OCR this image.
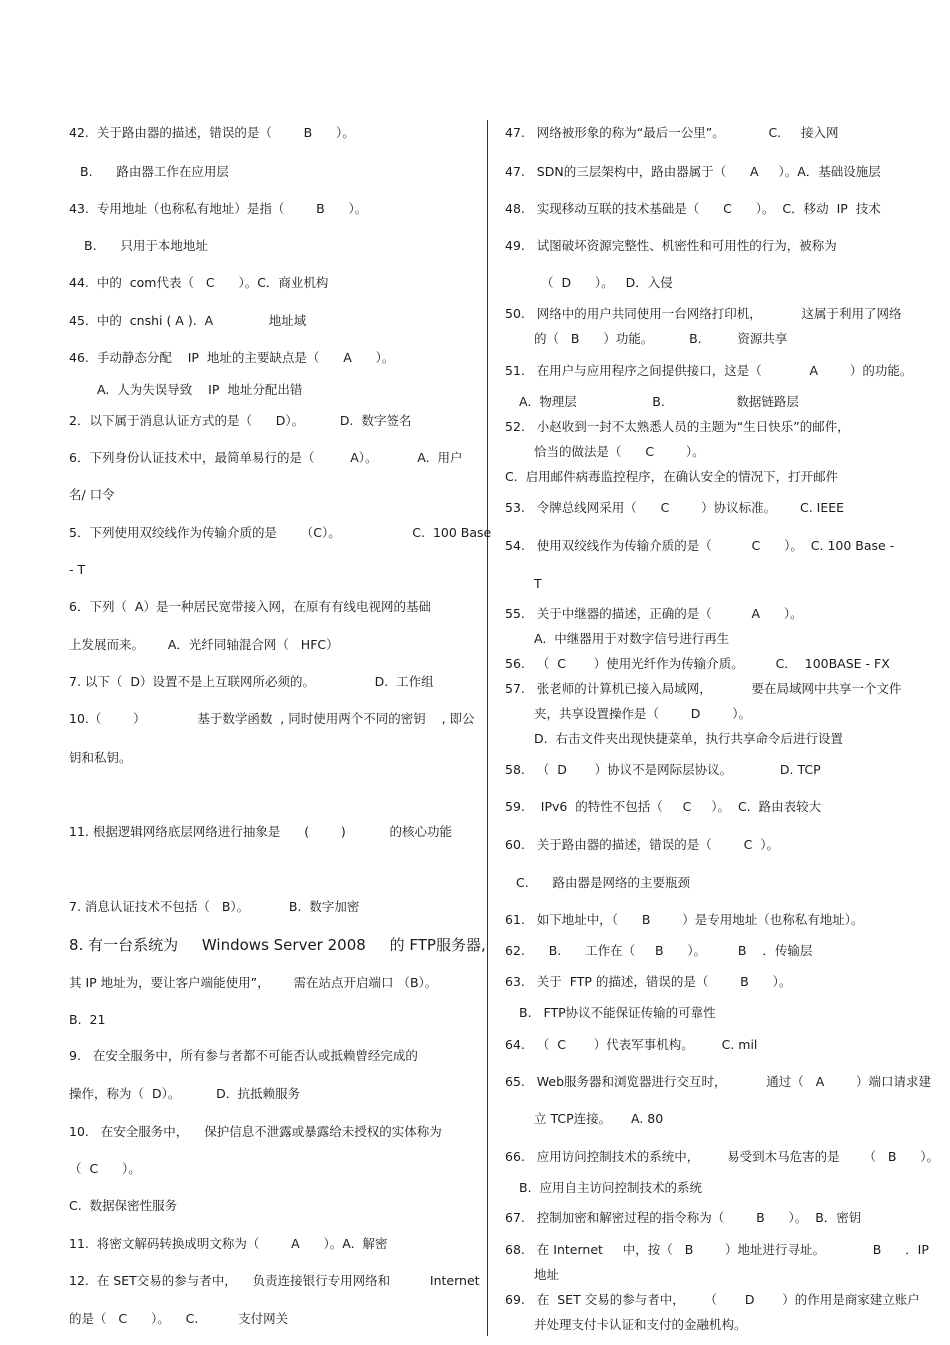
42.  关于路由器的描述，错误的是（        B      ）。
B.      路由器工作在应用层
43.  专用地址（也称私有地址）是指（        B      ）。
B.      只用于本地地址
44.  中的  com代表（   C      ）。C．商业机构
45.  中的  cnshi ( A ).  A              地址域
46.  手动静态分配    IP  地址的主要缺点是（      A      ）。
A.  人为失误导致    IP  地址分配出错
2．以下属于消息认证方式的是（      D）。         D.  数字签名
6．下列身份认证技术中，最简单易行的是（         A）。          A.  用户
名/ 口令
5．下列使用双绞线作为传输介质的是      （C）。                  C.  100 Base
- T
6．下列（  A）是一种居民宽带接入网，在原有有线电视网的基础
上发展而来。      A．光纤同轴混合网（   HFC）
7. 以下（  D）设置不是上互联网所必须的。               D.  工作组
10.（        ）             基于数学函数  , 同时使用两个不同的密钥    , 即公
钥和私钥。
11. 根据逻辑网络底层网络进行抽象是      (        )           的核心功能
7. 消息认证技术不包括（   B）。          B.  数字加密
8. 有一台系统为     Windows Server 2008     的 FTP服务器,
其 IP 地址为，要让客户端能使用”，      需在站点开启端口 （B）。
B.  21
9.   在安全服务中，所有参与者都不可能否认或抵赖曾经完成的
操作，称为（  D）。         D.  抗抵赖服务
10.   在安全服务中，    保护信息不泄露或暴露给未授权的实体称为
（  C      ）。
C.  数据保密性服务
11.  将密文解码转换成明文称为（        A      ）。A.  解密
12.  在 SET交易的参与者中，    负责连接银行专用网络和          Internet
的是（   C      ）。    C.          支付网关
47.   网络被形象的称为“最后一公里”。           C.     接入网
47.   SDN的三层架构中，路由器属于（      A     ）。A．基础设施层
48.   实现移动互联的技术基础是（      C      ）。  C．移动  IP  技术
49.   试图破坏资源完整性、机密性和可用性的行为，被称为
（  D      ）。   D．入侵
50.   网络中的用户共同使用一台网络打印机，          这属于利用了网络
的（   B      ）功能。         B.         资源共享
51.   在用户与应用程序之间提供接口，这是（            A        ）的功能。
A.  物理层                   B.                  数据链路层
52.   小赵收到一封不太熟悉人员的主题为“生日快乐”的邮件，
恰当的做法是（      C        ）。
C.  启用邮件病毒监控程序，在确认安全的情况下，打开邮件
53.   令牌总线网采用（      C        ）协议标准。      C. IEEE
54.   使用双绞线作为传输介质的是（          C      ）。  C. 100 Base -
T
55.   关于中继器的描述，正确的是（          A      ）。
A.  中继器用于对数字信号进行再生
56.   （  C       ）使用光纤作为传输介质。        C．  100BASE - FX
57.   张老师的计算机已接入局域网，          要在局域网中共享一个文件
夹，共享设置操作是（        D        ）。
D.  右击文件夹出现快捷菜单，执行共享命令后进行设置
58.   （  D       ）协议不是网际层协议。            D. TCP
59.    IPv6  的特性不包括（     C     ）。  C.  路由表较大
60.   关于路由器的描述，错误的是（        C  ）。
C.      路由器是网络的主要瓶颈
61.   如下地址中，（      B        ）是专用地址（也称私有地址）。
62.      B.      工作在（     B      ）。        B    ．传输层
63.   关于  FTP 的描述，错误的是（        B      ）。
B.   FTP协议不能保证传输的可靠性
64.   （  C       ）代表军事机构。       C. mil
65.   Web服务器和浏览器进行交互时，          通过（   A        ）端口请求建
立 TCP连接。     A. 80
66.   应用访问控制技术的系统中，       易受到木马危害的是      （   B      ）。
B.  应用自主访问控制技术的系统
67.   控制加密和解密过程的指令称为（        B      ）。  B．密钥
68.   在 Internet     中，按（   B        ）地址进行寻址。            B      ．IP
地址
69.   在  SET 交易的参与者中，     （       D       ）的作用是商家建立账户
并处理支付卡认证和支付的金融机构。
